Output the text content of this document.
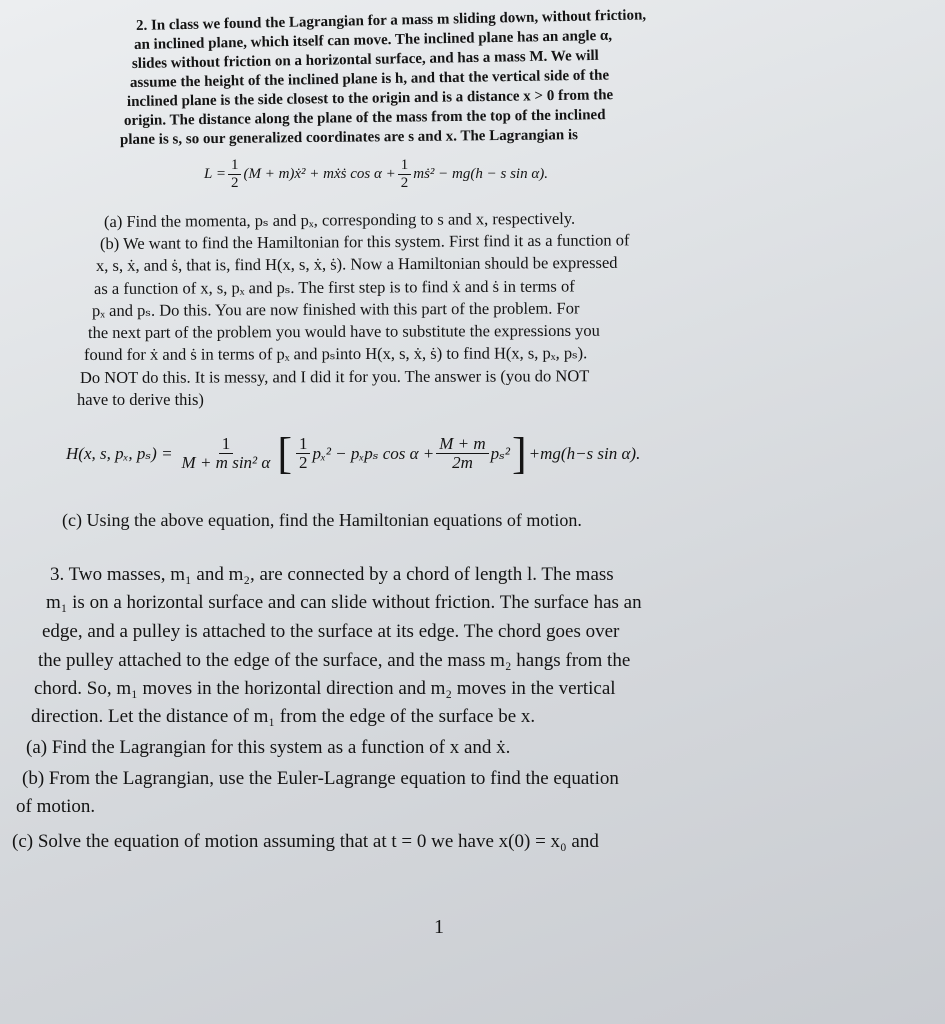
2. In class we found the Lagrangian for a mass m sliding down, without friction,
an inclined plane, which itself can move. The inclined plane has an angle α,
slides without friction on a horizontal surface, and has a mass M. We will
assume the height of the inclined plane is h, and that the vertical side of the
inclined plane is the side closest to the origin and is a distance x > 0 from the
origin. The distance along the plane of the mass from the top of the inclined
plane is s, so our generalized coordinates are s and x. The Lagrangian is
$L = \frac{1}{2} (M$ + m)ẋ² + mẋṡ $\cos \alpha + \frac{1}{2}$ mṡ² − mg(h − s sin α).
(a) Find the momenta, pₛ and pₓ, corresponding to s and x, respectively.
(b) We want to find the Hamiltonian for this system. First find it as a function of
x, s, ẋ, and ṡ, that is, find H(x, s, ẋ, ṡ). Now a Hamiltonian should be expressed
as a function of x, s, pₓ and pₛ. The first step is to find ẋ and ṡ in terms of
pₓ and pₛ. Do this. You are now finished with this part of the problem. For
the next part of the problem you would have to substitute the expressions you
found for ẋ and ṡ in terms of pₓ and pₛinto H(x, s, ẋ, ṡ) to find H(x, s, pₓ, pₛ).
Do NOT do this. It is messy, and I did it for you. The answer is (you do NOT
have to derive this)
H(x, s, pₓ, $p_s) = \frac{1}{\text{M + m sin² α}}$ [ $\frac{1}{2} p_x^2 - p_xp_s$ $\cos \alpha + \frac{M + m}{2m} p_s^2$ ] +mg(h−s sin α).
(c) Using the above equation, find the Hamiltonian equations of motion.
3. Two masses, m₁ and m₂, are connected by a chord of length l. The mass
m₁ is on a horizontal surface and can slide without friction. The surface has an
edge, and a pulley is attached to the surface at its edge. The chord goes over
the pulley attached to the edge of the surface, and the mass m₂ hangs from the
chord. So, m₁ moves in the horizontal direction and m₂ moves in the vertical
direction. Let the distance of m₁ from the edge of the surface be x.
(a) Find the Lagrangian for this system as a function of x and ẋ.
(b) From the Lagrangian, use the Euler-Lagrange equation to find the equation
of motion.
(c) Solve the equation of motion assuming that at t = 0 we have x(0) = x₀ and
1
